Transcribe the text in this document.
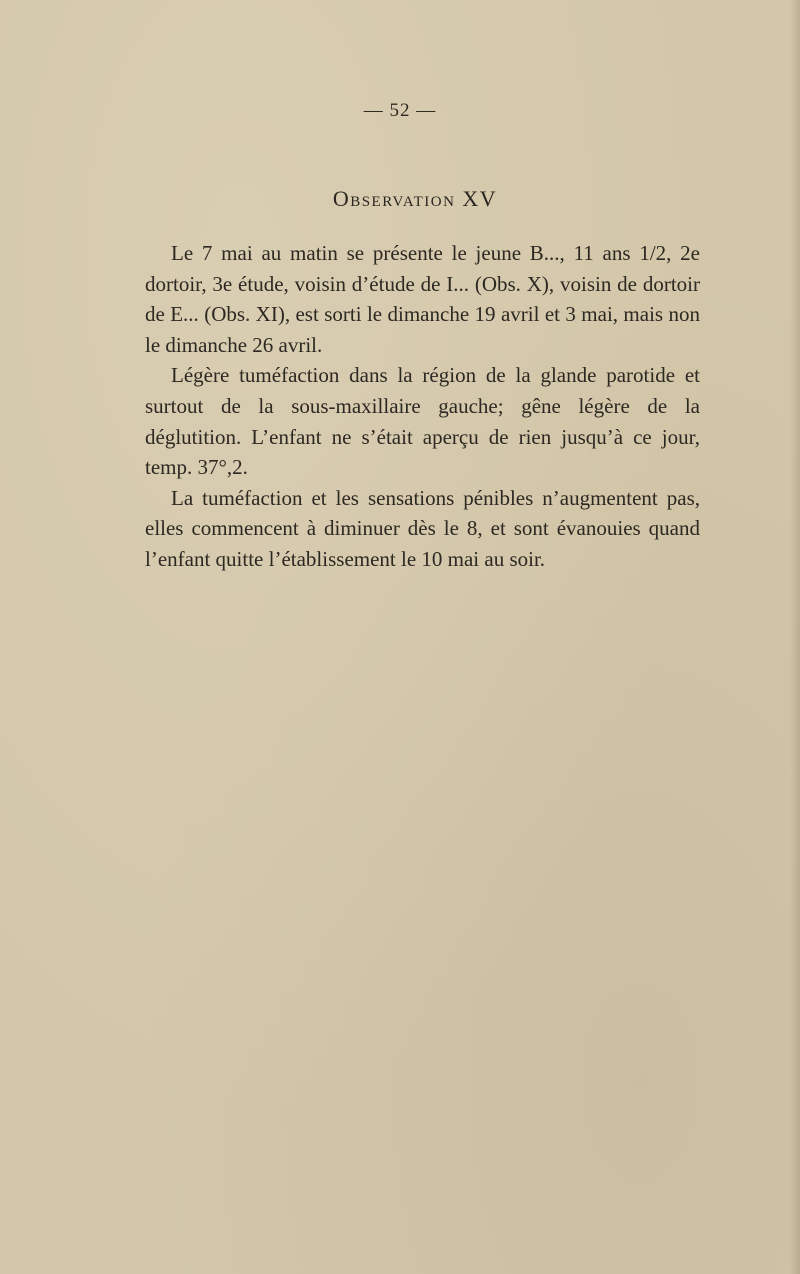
— 52 —
Observation XV

Le 7 mai au matin se présente le jeune B..., 11 ans 1/2, 2e dortoir, 3e étude, voisin d’étude de I... (Obs. X), voisin de dortoir de E... (Obs. XI), est sorti le dimanche 19 avril et 3 mai, mais non le dimanche 26 avril.

Légère tuméfaction dans la région de la glande parotide et surtout de la sous-maxillaire gauche; gêne légère de la déglutition. L’enfant ne s’était aperçu de rien jusqu’à ce jour, temp. 37°,2.

La tuméfaction et les sensations pénibles n’augmentent pas, elles commencent à diminuer dès le 8, et sont évanouies quand l’enfant quitte l’établissement le 10 mai au soir.
